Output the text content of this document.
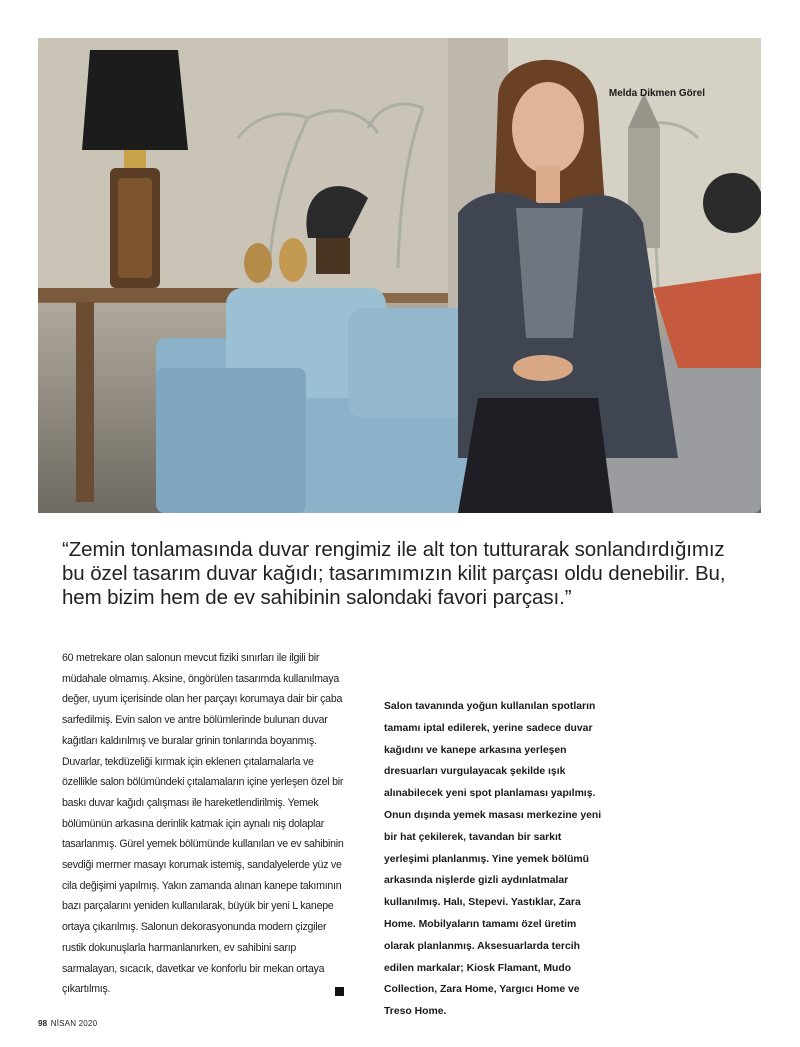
Melda Dikmen Görel
“Zemin tonlamasında duvar rengimiz ile alt ton tutturarak sonlandırdığımız bu özel tasarım duvar kağıdı; tasarımımızın kilit parçası oldu denebilir. Bu, hem bizim hem de ev sahibinin salondaki favori parçası.”

60 metrekare olan salonun mevcut fiziki sınırları ile ilgili bir müdahale olmamış. Aksine, öngörülen tasarımda kullanılmaya değer, uyum içerisinde olan her parçayı korumaya dair bir çaba sarfedilmiş. Evin salon ve antre bölümlerinde bulunan duvar kağıtları kaldırılmış ve buralar grinin tonlarında boyanmış. Duvarlar, tekdüzeliği kırmak için eklenen çıtalamalarla ve özellikle salon bölümündeki çıtalamaların içine yerleşen özel bir baskı duvar kağıdı çalışması ile hareketlendirilmiş. Yemek bölümünün arkasına derinlik katmak için aynalı niş dolaplar tasarlanmış. Gürel yemek bölümünde kullanılan ve ev sahibinin sevdiği mermer masayı korumak istemiş, sandalyelerde yüz ve cila değişimi yapılmış. Yakın zamanda alınan kanepe takımının bazı parçalarını yeniden kullanılarak, büyük bir yeni L kanepe ortaya çıkarılmış. Salonun dekorasyonunda modern çizgiler rustik dokunuşlarla harmanlanırken, ev sahibini sarıp sarmalayan, sıcacık, davetkar ve konforlu bir mekan ortaya çıkartılmış.

Salon tavanında yoğun kullanılan spotların tamamı iptal edilerek, yerine sadece duvar kağıdını ve kanepe arkasına yerleşen dresuarları vurgulayacak şekilde ışık alınabilecek yeni spot planlaması yapılmış. Onun dışında yemek masası merkezine yeni bir hat çekilerek, tavandan bir sarkıt yerleşimi planlanmış. Yine yemek bölümü arkasında nişlerde gizli aydınlatmalar kullanılmış. Halı, Stepevi. Yastıklar, Zara Home. Mobilyaların tamamı özel üretim olarak planlanmış. Aksesuarlarda tercih edilen markalar; Kiosk Flamant, Mudo Collection, Zara Home, Yargıcı Home ve Treso Home.

98 NİSAN 2020
